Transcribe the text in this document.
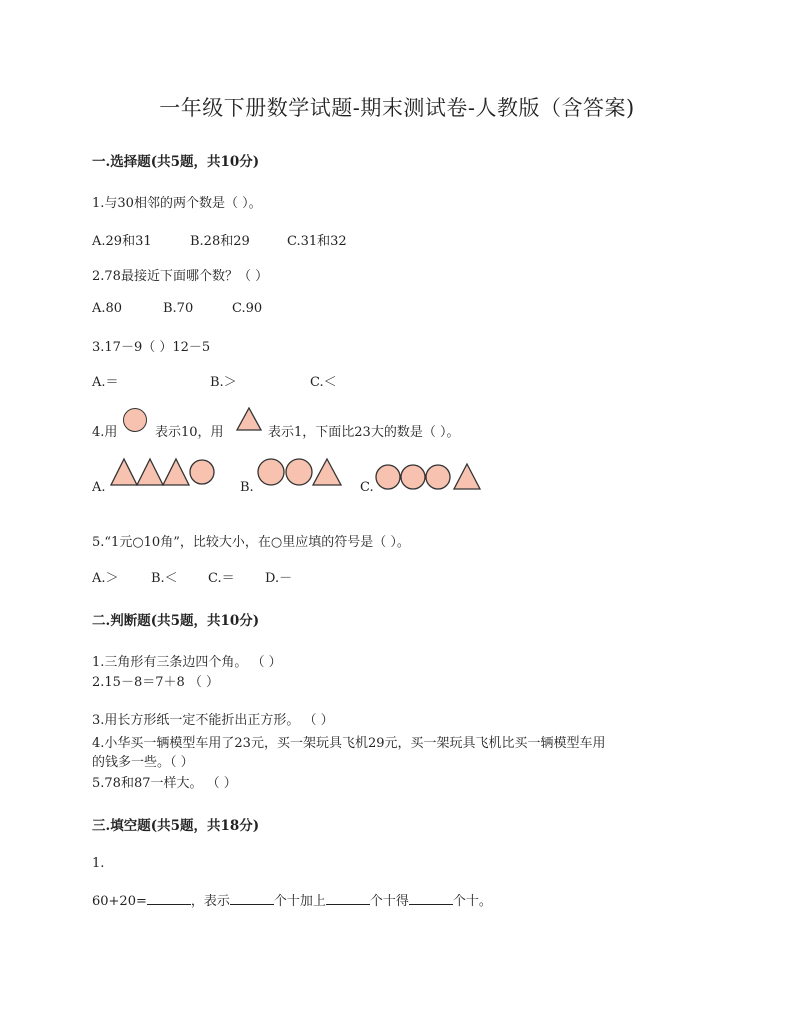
一年级下册数学试题-期末测试卷-人教版（含答案)
一.选择题(共5题，共10分)
1.与30相邻的两个数是（ ）。
A.29和31	B.28和29	C.31和32
2.78最接近下面哪个数？（ ）
A.80	B.70	C.90
3.17－9（ ）12－5
A.＝	B.＞	C.＜
4.用	表示10，用	表示1，下面比23大的数是（ ）。
A.	B.	C.
5.“1元○10角”，比较大小，在○里应填的符号是（ ）。
A.＞ B.＜ C.＝ D.－
二.判断题(共5题，共10分)
1.三角形有三条边四个角。 （ ）
2.15－8＝7＋8 （ ）
3.用长方形纸一定不能折出正方形。 （ ）
4.小华买一辆模型车用了23元，买一架玩具飞机29元，买一架玩具飞机比买一辆模型车用
的钱多一些。（ ）
5.78和87一样大。 （ ）
三.填空题(共5题，共18分)
1.
60+20=	，表示	个十加上	个十得	个十。
